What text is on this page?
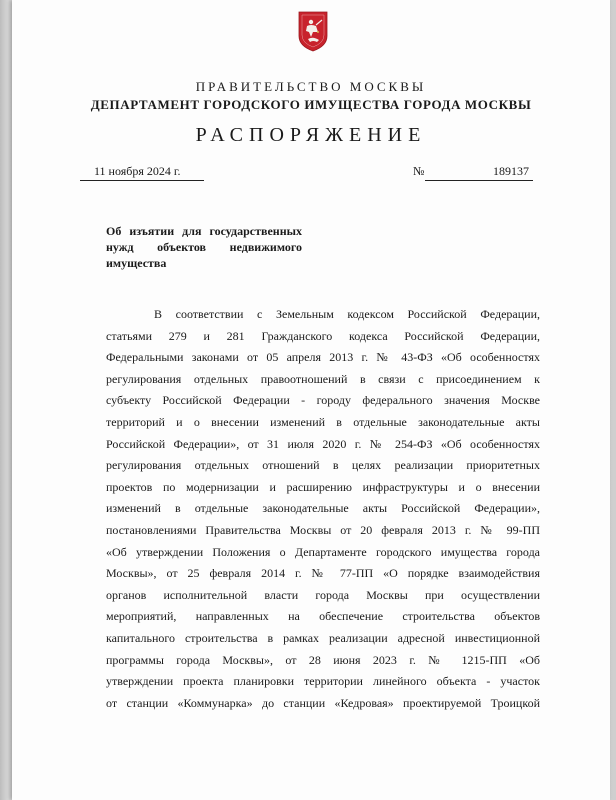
ПРАВИТЕЛЬСТВО МОСКВЫ
ДЕПАРТАМЕНТ ГОРОДСКОГО ИМУЩЕСТВА ГОРОДА МОСКВЫ
РАСПОРЯЖЕНИЕ
11 ноября 2024 г.	№	189137
Об изъятии для государственных
нужд объектов недвижимого
имущества
В соответствии с Земельным кодексом Российской Федерации,
статьями 279 и 281 Гражданского кодекса Российской Федерации,
Федеральными законами от 05 апреля 2013 г. № 43-ФЗ «Об особенностях
регулирования отдельных правоотношений в связи с присоединением к
субъекту Российской Федерации - городу федерального значения Москве
территорий и о внесении изменений в отдельные законодательные акты
Российской Федерации», от 31 июля 2020 г. № 254-ФЗ «Об особенностях
регулирования отдельных отношений в целях реализации приоритетных
проектов по модернизации и расширению инфраструктуры и о внесении
изменений в отдельные законодательные акты Российской Федерации»,
постановлениями Правительства Москвы от 20 февраля 2013 г. № 99-ПП
«Об утверждении Положения о Департаменте городского имущества города
Москвы», от 25 февраля 2014 г. № 77-ПП «О порядке взаимодействия
органов исполнительной власти города Москвы при осуществлении
мероприятий, направленных на обеспечение строительства объектов
капитального строительства в рамках реализации адресной инвестиционной
программы города Москвы», от 28 июня 2023 г. № 1215-ПП «Об
утверждении проекта планировки территории линейного объекта - участок
от станции «Коммунарка» до станции «Кедровая» проектируемой Троицкой
